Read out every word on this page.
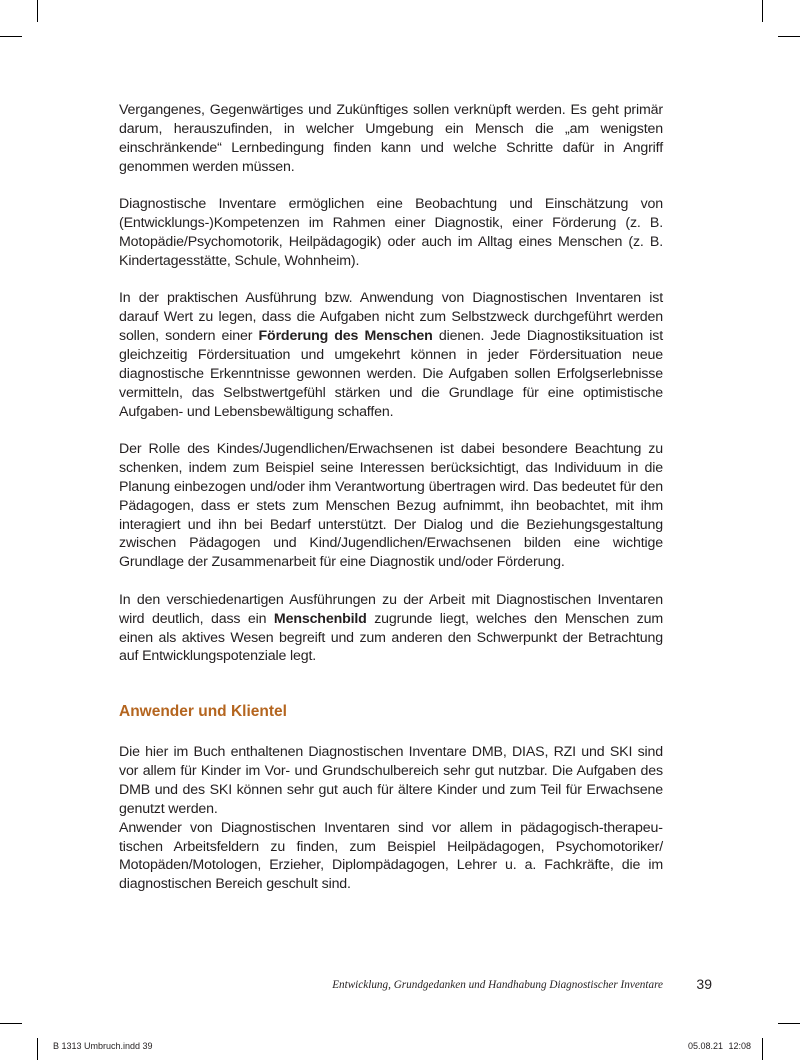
Vergangenes, Gegenwärtiges und Zukünftiges sollen verknüpft werden. Es geht primär darum, herauszufinden, in welcher Umgebung ein Mensch die „am wenigsten einschränkende“ Lernbedingung finden kann und welche Schritte dafür in Angriff genommen werden müssen.

Diagnostische Inventare ermöglichen eine Beobachtung und Einschätzung von (Entwicklungs-)Kompetenzen im Rahmen einer Diagnostik, einer Förderung (z. B. Motopädie/Psychomotorik, Heilpädagogik) oder auch im Alltag eines Menschen (z. B. Kindertagesstätte, Schule, Wohnheim).

In der praktischen Ausführung bzw. Anwendung von Diagnostischen Inventaren ist darauf Wert zu legen, dass die Aufgaben nicht zum Selbstzweck durchgeführt werden sollen, sondern einer Förderung des Menschen dienen. Jede Diagnostiksituation ist gleichzeitig Fördersituation und umgekehrt können in jeder Fördersituation neue diagnostische Erkenntnisse gewonnen werden. Die Aufgaben sollen Erfolgserlebnisse vermitteln, das Selbstwertgefühl stärken und die Grundlage für eine optimistische Aufgaben- und Lebensbewältigung schaffen.

Der Rolle des Kindes/Jugendlichen/Erwachsenen ist dabei besondere Beachtung zu schenken, indem zum Beispiel seine Interessen berücksichtigt, das Individuum in die Planung einbezogen und/oder ihm Verantwortung übertragen wird. Das bedeutet für den Pädagogen, dass er stets zum Menschen Bezug aufnimmt, ihn beobachtet, mit ihm interagiert und ihn bei Bedarf unterstützt. Der Dialog und die Beziehungsgestaltung zwischen Pädagogen und Kind/Jugendlichen/Erwachsenen bilden eine wichtige Grundlage der Zusammenarbeit für eine Diagnostik und/oder Förderung.

In den verschiedenartigen Ausführungen zu der Arbeit mit Diagnostischen Inventaren wird deutlich, dass ein Menschenbild zugrunde liegt, welches den Menschen zum einen als aktives Wesen begreift und zum anderen den Schwerpunkt der Betrachtung auf Entwicklungspotenziale legt.

Anwender und Klientel

Die hier im Buch enthaltenen Diagnostischen Inventare DMB, DIAS, RZI und SKI sind vor allem für Kinder im Vor- und Grundschulbereich sehr gut nutzbar. Die Aufgaben des DMB und des SKI können sehr gut auch für ältere Kinder und zum Teil für Erwachsene genutzt werden.

Anwender von Diagnostischen Inventaren sind vor allem in pädagogisch-therapeutischen Arbeitsfeldern zu finden, zum Beispiel Heilpädagogen, Psychomotoriker/ Motopäden/Motologen, Erzieher, Diplompädagogen, Lehrer u. a. Fachkräfte, die im diagnostischen Bereich geschult sind.

Entwicklung, Grundgedanken und Handhabung Diagnostischer Inventare	39
B 1313 Umbruch.indd 39	05.08.21 12:08
